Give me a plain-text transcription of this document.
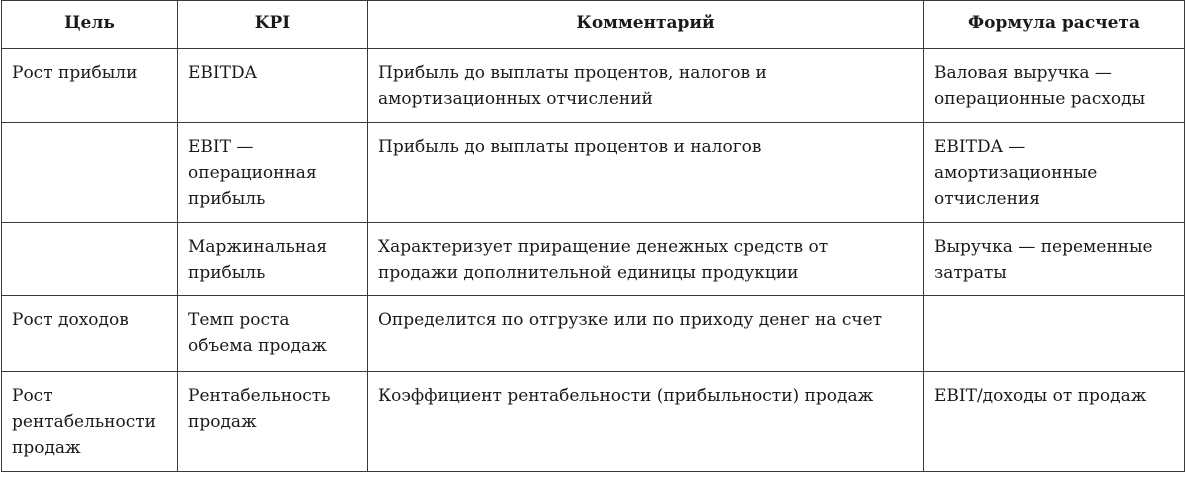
Цель	KPI	Комментарий	Формула расчета
Рост прибыли	EBITDA	Прибыль до выплаты процентов, налогов и амортизационных отчислений	Валовая выручка — операционные расходы
	EBIT — операционная прибыль	Прибыль до выплаты процентов и налогов	EBITDA — амортизационные отчисления
	Маржинальная прибыль	Характеризует приращение денежных средств от продажи дополнительной единицы продукции	Выручка — переменные затраты
Рост доходов	Темп роста объема продаж	Определится по отгрузке или по приходу денег на счет	
Рост рентабельности продаж	Рентабельность продаж	Коэффициент рентабельности (прибыльности) продаж	EBIT/доходы от продаж
